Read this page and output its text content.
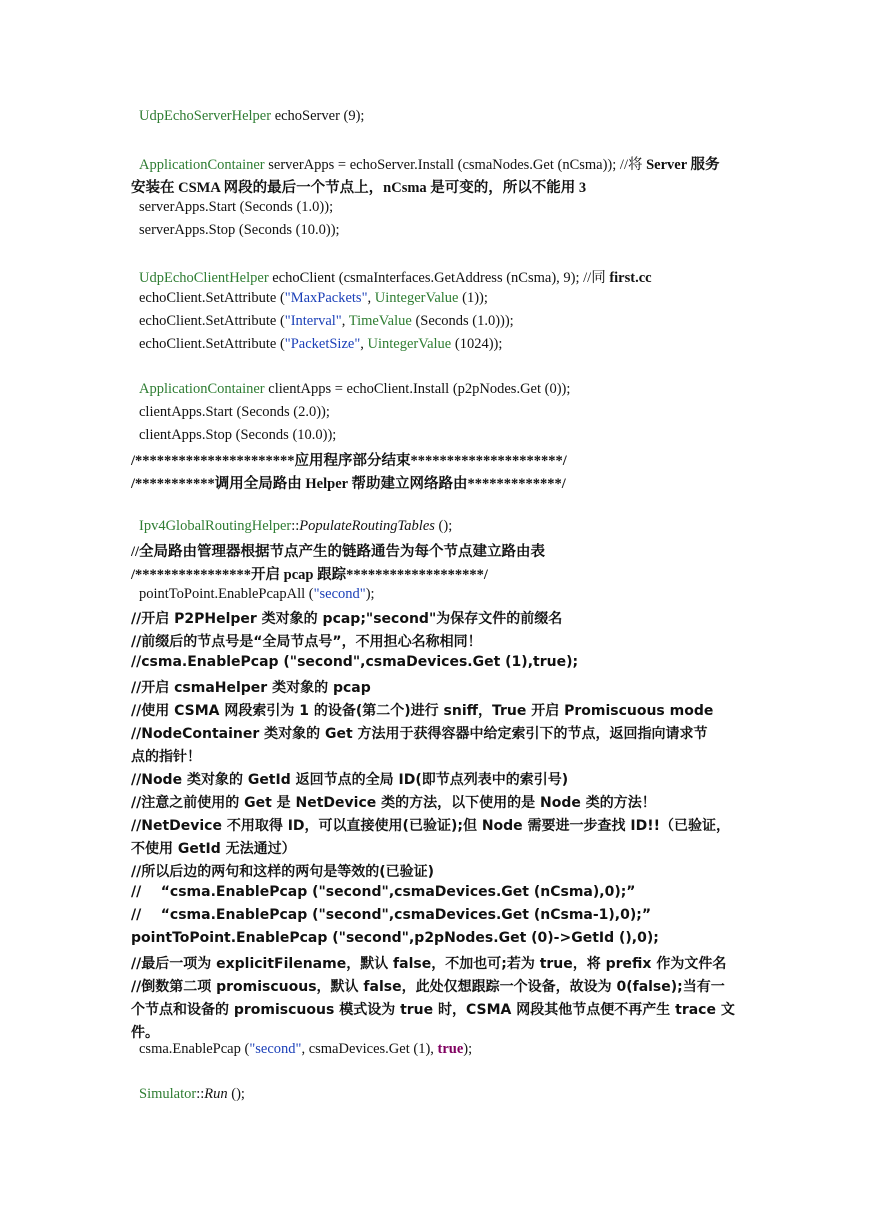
UdpEchoServerHelper echoServer (9);
ApplicationContainer serverApps = echoServer.Install (csmaNodes.Get (nCsma)); //将 Server 服务
安装在 CSMA 网段的最后一个节点上，nCsma 是可变的，所以不能用 3
serverApps.Start (Seconds (1.0));
serverApps.Stop (Seconds (10.0));
UdpEchoClientHelper echoClient (csmaInterfaces.GetAddress (nCsma), 9); //同 first.cc
echoClient.SetAttribute ("MaxPackets", UintegerValue (1));
echoClient.SetAttribute ("Interval", TimeValue (Seconds (1.0)));
echoClient.SetAttribute ("PacketSize", UintegerValue (1024));
ApplicationContainer clientApps = echoClient.Install (p2pNodes.Get (0));
clientApps.Start (Seconds (2.0));
clientApps.Stop (Seconds (10.0));
/**********************应用程序部分结束*********************/
/***********调用全局路由 Helper 帮助建立网络路由*************/
Ipv4GlobalRoutingHelper::PopulateRoutingTables ();
//全局路由管理器根据节点产生的链路通告为每个节点建立路由表
/****************开启 pcap 跟踪*******************/
pointToPoint.EnablePcapAll ("second");
//开启 P2PHelper 类对象的 pcap;"second"为保存文件的前缀名
//前缀后的节点号是“全局节点号”，不用担心名称相同！
//csma.EnablePcap ("second",csmaDevices.Get (1),true);
//开启 csmaHelper 类对象的 pcap
//使用 CSMA 网段索引为 1 的设备(第二个)进行 sniff，True 开启 Promiscuous mode
//NodeContainer 类对象的 Get 方法用于获得容器中给定索引下的节点，返回指向请求节
点的指针！
//Node 类对象的 GetId 返回节点的全局 ID(即节点列表中的索引号)
//注意之前使用的 Get 是 NetDevice 类的方法，以下使用的是 Node 类的方法！
//NetDevice 不用取得 ID，可以直接使用(已验证);但 Node 需要进一步查找 ID!!（已验证，
不使用 GetId 无法通过）
//所以后边的两句和这样的两句是等效的(已验证)
//    “csma.EnablePcap ("second",csmaDevices.Get (nCsma),0);”
//    “csma.EnablePcap ("second",csmaDevices.Get (nCsma-1),0);”
pointToPoint.EnablePcap ("second",p2pNodes.Get (0)->GetId (),0);
//最后一项为 explicitFilename，默认 false，不加也可;若为 true，将 prefix 作为文件名
//倒数第二项 promiscuous，默认 false，此处仅想跟踪一个设备，故设为 0(false);当有一
个节点和设备的 promiscuous 模式设为 true 时，CSMA 网段其他节点便不再产生 trace 文
件。
csma.EnablePcap ("second", csmaDevices.Get (1), true);
Simulator::Run ();
